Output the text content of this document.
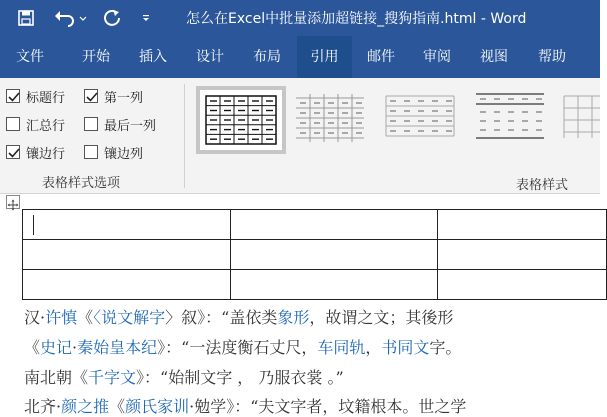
怎么在Excel中批量添加超链接_搜狗指南.html - Word
文件	开始	插入	设计	布局	引用	邮件	审阅	视图	帮助
标题行	第一列
汇总行	最后一列
镶边行	镶边列
表格样式选项	表格样式
汉·许慎《〈说文解字〉叙》：“盖依类象形，故谓之文；其後形
《史记·秦始皇本纪》：“一法度衡石丈尺，车同轨，书同文字。
南北朝《千字文》：“始制文字 ， 乃服衣裳 。”
北齐·颜之推《颜氏家训·勉学》：“夫文字者，坟籍根本。世之学
